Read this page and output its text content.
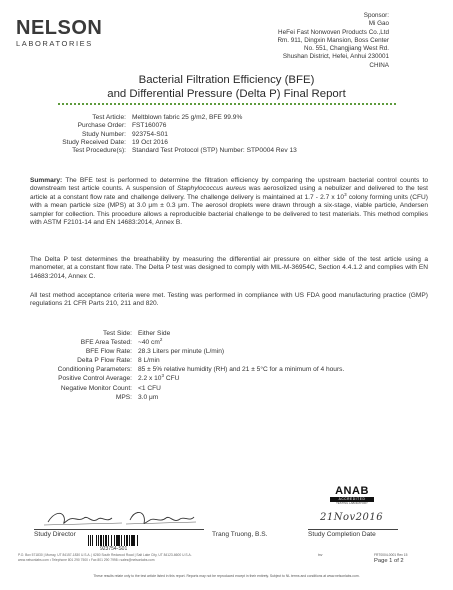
NELSON
LABORATORIES
Sponsor:
Mi Gao
HeFei Fast Nonwoven Products Co.,Ltd
Rm. 911, Dingxin Mansion, Boss Center
No. 551, Changjiang West Rd.
Shushan District, Hefei, Anhui 230001
CHINA
Bacterial Filtration Efficiency (BFE)
and Differential Pressure (Delta P) Final Report
Test Article: Meltblown fabric 25 g/m2, BFE 99.9%
Purchase Order: FST160076
Study Number: 923754-S01
Study Received Date: 19 Oct 2016
Test Procedure(s): Standard Test Protocol (STP) Number: STP0004 Rev 13
Summary: The BFE test is performed to determine the filtration efficiency by comparing the upstream bacterial control counts to downstream test article counts. A suspension of Staphylococcus aureus was aerosolized using a nebulizer and delivered to the test article at a constant flow rate and challenge delivery. The challenge delivery is maintained at 1.7 - 2.7 x $10^3$ colony forming units (CFU) with a mean particle size (MPS) at 3.0 μm ± 0.3 μm. The aerosol droplets were drawn through a six-stage, viable particle, Andersen sampler for collection. This procedure allows a reproducible bacterial challenge to be delivered to test materials. This method complies with ASTM F2101-14 and EN 14683:2014, Annex B.
The Delta P test determines the breathability by measuring the differential air pressure on either side of the test article using a manometer, at a constant flow rate. The Delta P test was designed to comply with MIL-M-36954C, Section 4.4.1.2 and complies with EN 14683:2014, Annex C.
All test method acceptance criteria were met. Testing was performed in compliance with US FDA good manufacturing practice (GMP) regulations 21 CFR Parts 210, 211 and 820.
Test Side: Either Side
BFE Area Tested: ~40 $cm^2$
BFE Flow Rate: 28.3 Liters per minute (L/min)
Delta P Flow Rate: 8 L/min
Conditioning Parameters: 85 ± 5% relative humidity (RH) and 21 ± 5°C for a minimum of 4 hours.
Positive Control Average: 2.2 x $10^3$ CFU
Negative Monitor Count: <1 CFU
MPS: 3.0 μm
ANAB
ACCREDITED
TESTING LABORATORY
21Nov2016
Study Director	Trang Truong, B.S.	Study Completion Date
923754-S01
P.O. Box 571830 | Murray, UT 84157-1830 U.S.A. | 6280 South Redwood Road | Salt Lake City, UT 84123-6600 U.S.A.
www.nelsonlabs.com • Telephone 801 290 7500 • Fax 801 290 7998 • sales@nelsonlabs.com
tnv	FRT0004-0001 Rev 15
Page 1 of 2
These results relate only to the test article listed in this report. Reports may not be reproduced except in their entirety. Subject to NL terms and conditions at www.nelsonlabs.com.
